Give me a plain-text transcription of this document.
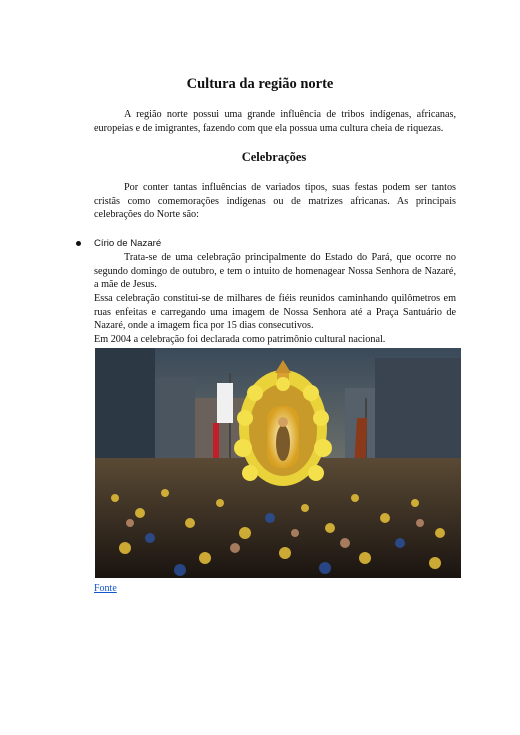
Cultura da região norte

A região norte possui uma grande influência de tribos indígenas, africanas, europeias e de imigrantes, fazendo com que ela possua uma cultura cheia de riquezas.

Celebrações

Por conter tantas influências de variados tipos, suas festas podem ser tantos cristãs como comemorações indígenas ou de matrizes africanas. As principais celebrações do Norte são:

Círio de Nazaré

Trata-se de uma celebração principalmente do Estado do Pará, que ocorre no segundo domingo de outubro, e tem o intuito de homenagear Nossa Senhora de Nazaré, a mãe de Jesus.

Essa celebração constitui-se de milhares de fiéis reunidos caminhando quilômetros em ruas enfeitas e carregando uma imagem de Nossa Senhora até a Praça Santuário de Nazaré, onde a imagem fica por 15 dias consecutivos.

Em 2004 a celebração foi declarada como patrimônio cultural nacional.

Fonte
